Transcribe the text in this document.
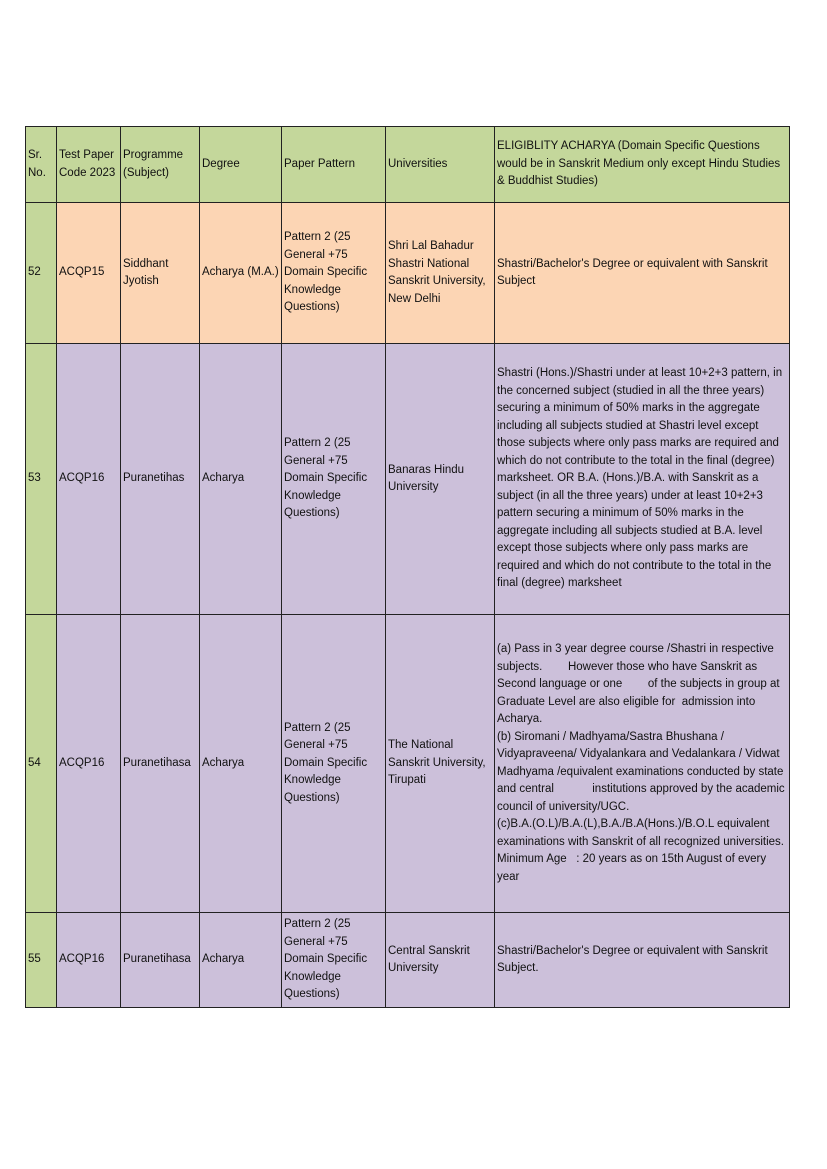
Sr. No.	Test Paper Code 2023	Programme (Subject)	Degree	Paper Pattern	Universities	ELIGIBLITY ACHARYA (Domain Specific Questions would be in Sanskrit Medium only except Hindu Studies & Buddhist Studies)
52	ACQP15	Siddhant Jyotish	Acharya (M.A.)	Pattern 2 (25 General +75 Domain Specific Knowledge Questions)	Shri Lal Bahadur Shastri National Sanskrit University, New Delhi	Shastri/Bachelor's Degree or equivalent with Sanskrit Subject
53	ACQP16	Puranetihas	Acharya	Pattern 2 (25 General +75 Domain Specific Knowledge Questions)	Banaras Hindu University	Shastri (Hons.)/Shastri under at least 10+2+3 pattern, in the concerned subject (studied in all the three years) securing a minimum of 50% marks in the aggregate including all subjects studied at Shastri level except those subjects where only pass marks are required and which do not contribute to the total in the final (degree) marksheet. OR B.A. (Hons.)/B.A. with Sanskrit as a subject (in all the three years) under at least 10+2+3 pattern securing a minimum of 50% marks in the aggregate including all subjects studied at B.A. level except those subjects where only pass marks are required and which do not contribute to the total in the final (degree) marksheet
54	ACQP16	Puranetihasa	Acharya	Pattern 2 (25 General +75 Domain Specific Knowledge Questions)	The National Sanskrit University, Tirupati	(a) Pass in 3 year degree course /Shastri in respective subjects.        However those who have Sanskrit as Second language or one        of the subjects in group at Graduate Level are also eligible for  admission into Acharya.
(b) Siromani / Madhyama/Sastra Bhushana / Vidyapraveena/ Vidyalankara and Vedalankara / Vidwat Madhyama /equivalent examinations conducted by state and central            institutions approved by the academic council of university/UGC.
(c)B.A.(O.L)/B.A.(L),B.A./B.A(Hons.)/B.O.L equivalent examinations with Sanskrit of all recognized universities.
Minimum Age   : 20 years as on 15th August of every year
55	ACQP16	Puranetihasa	Acharya	Pattern 2 (25 General +75 Domain Specific Knowledge Questions)	Central Sanskrit University	Shastri/Bachelor's Degree or equivalent with Sanskrit Subject.
